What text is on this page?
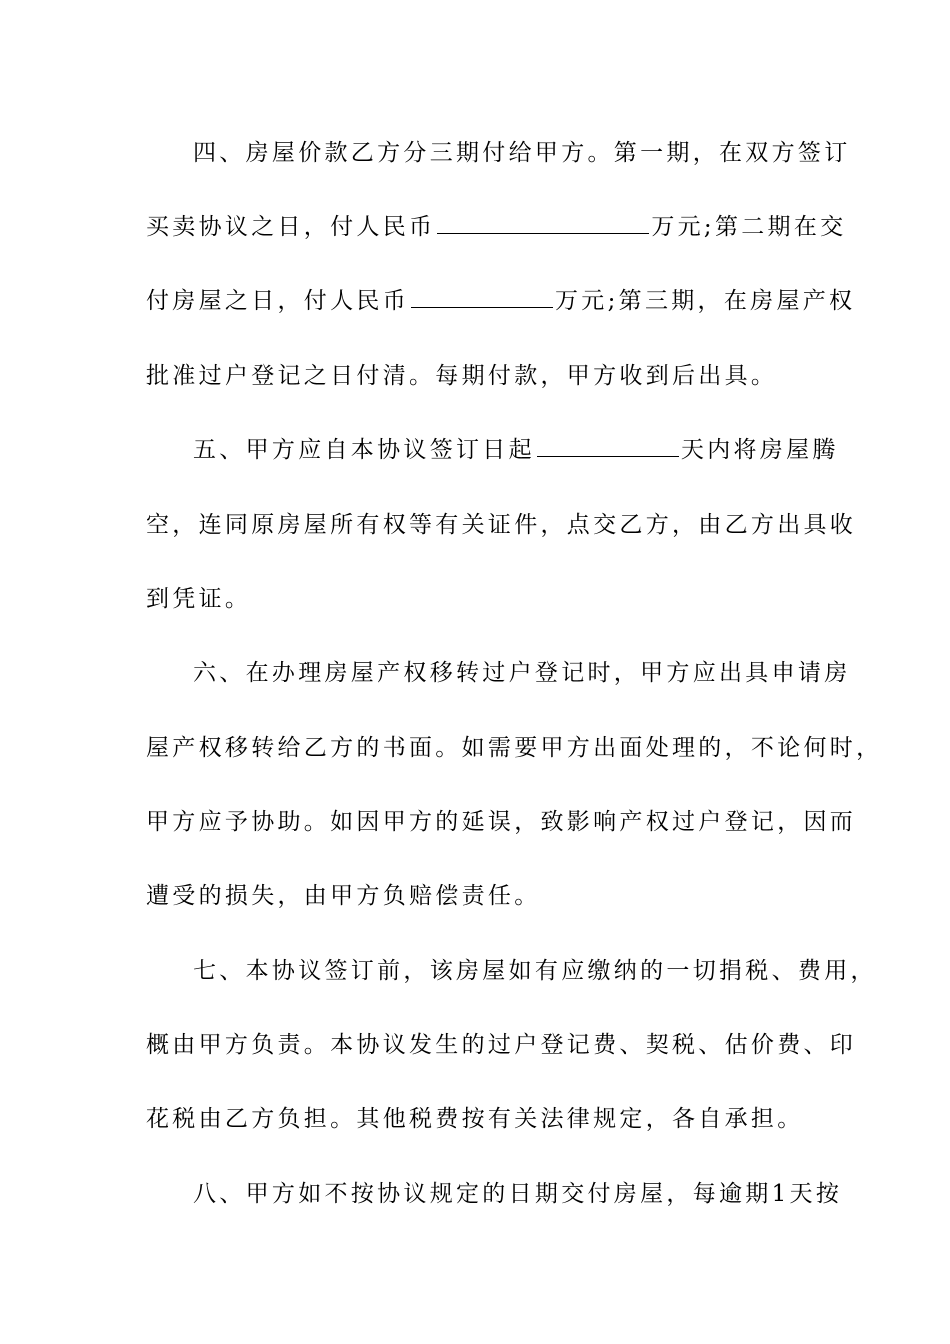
四、房屋价款乙方分三期付给甲方。第一期，在双方签订
买卖协议之日，付人民币	万元;第二期在交
付房屋之日，付人民币	万元;第三期，在房屋产权
批准过户登记之日付清。每期付款，甲方收到后出具。
五、甲方应自本协议签订日起	天内将房屋腾
空，连同原房屋所有权等有关证件，点交乙方，由乙方出具收
到凭证。
六、在办理房屋产权移转过户登记时，甲方应出具申请房
屋产权移转给乙方的书面。如需要甲方出面处理的，不论何时，
甲方应予协助。如因甲方的延误，致影响产权过户登记，因而
遭受的损失，由甲方负赔偿责任。
七、本协议签订前，该房屋如有应缴纳的一切捐税、费用，
概由甲方负责。本协议发生的过户登记费、契税、估价费、印
花税由乙方负担。其他税费按有关法律规定，各自承担。
八、甲方如不按协议规定的日期交付房屋，每逾期1天按
